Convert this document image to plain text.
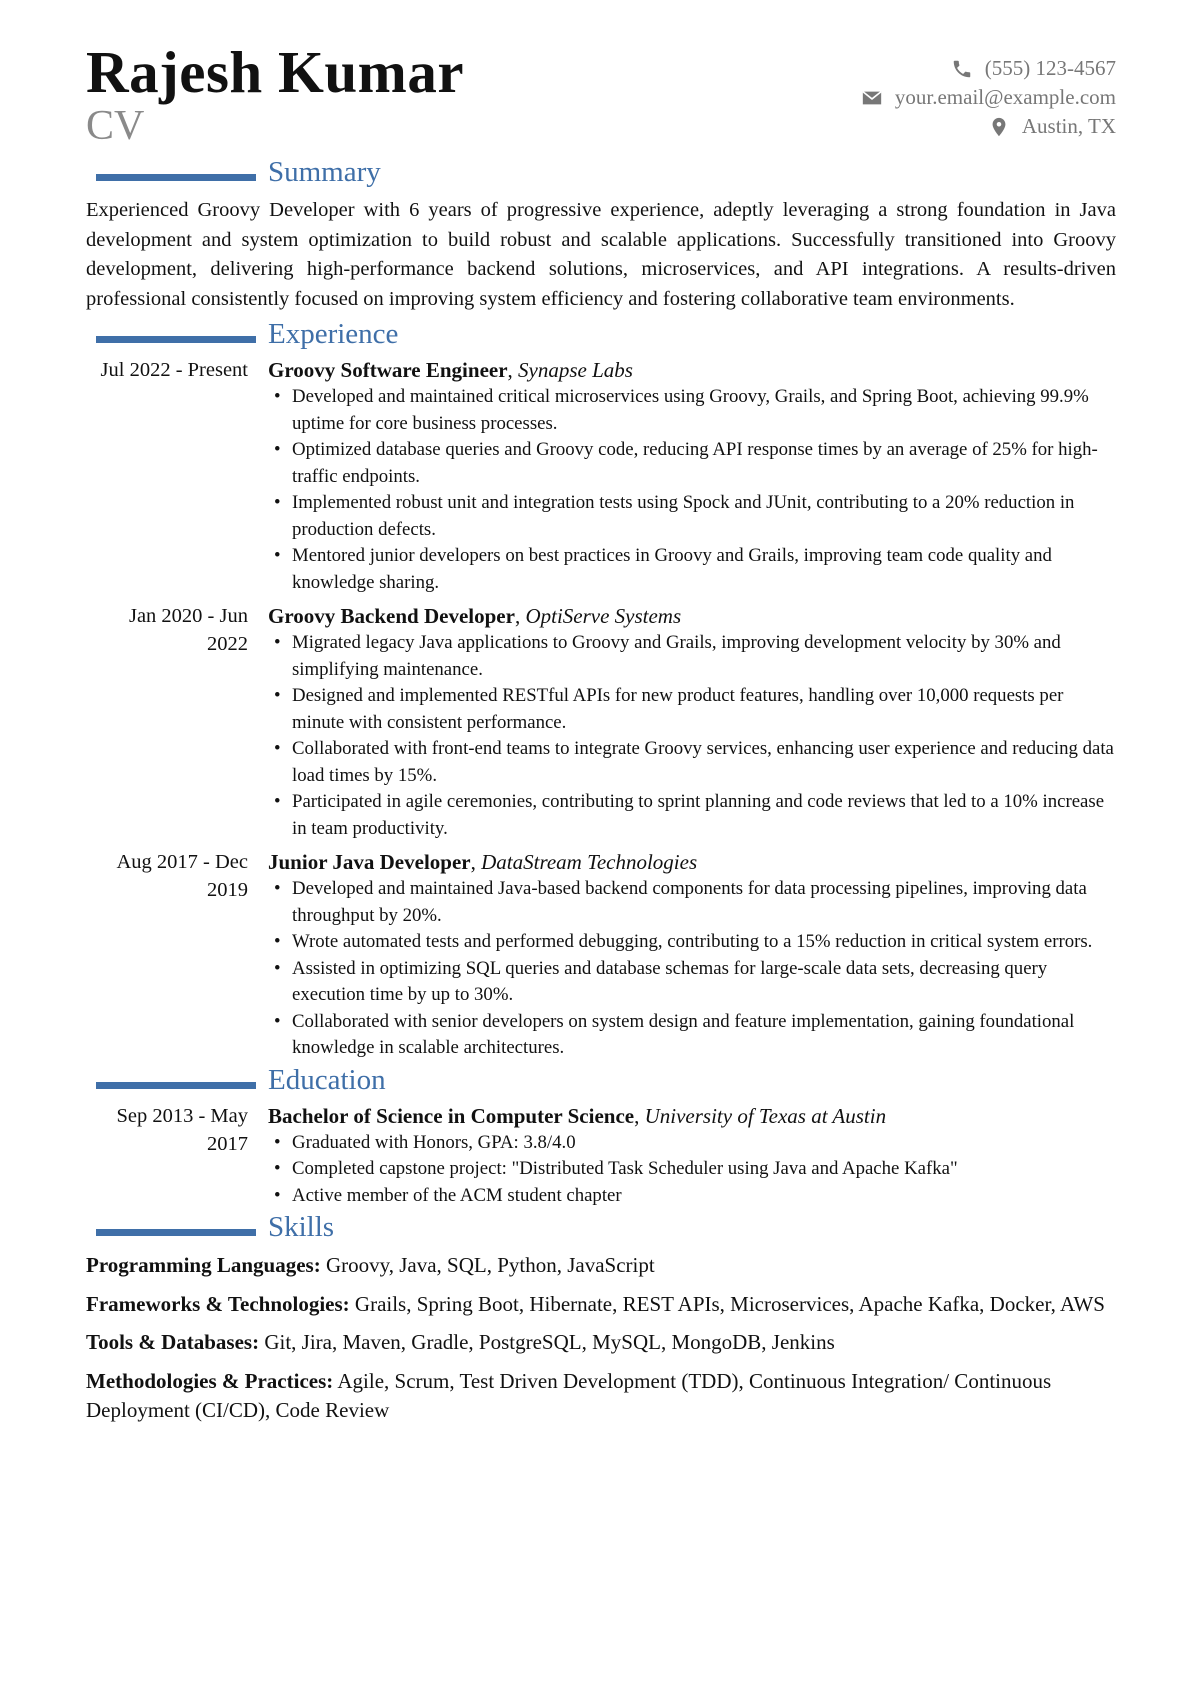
Rajesh Kumar
CV
(555) 123-4567
your.email@example.com
Austin, TX
Summary

Experienced Groovy Developer with 6 years of progressive experience, adeptly leveraging a strong foundation in Java development and system optimization to build robust and scalable applications. Successfully transitioned into Groovy development, delivering high-performance backend solutions, microservices, and API integrations. A results-driven professional consistently focused on improving system efficiency and fostering collaborative team environments.

Experience
Jul 2022 - Present Groovy Software Engineer, Synapse Labs
• Developed and maintained critical microservices using Groovy, Grails, and Spring Boot, achieving 99.9% uptime for core business processes.
• Optimized database queries and Groovy code, reducing API response times by an average of 25% for high-traffic endpoints.
• Implemented robust unit and integration tests using Spock and JUnit, contributing to a 20% reduction in production defects.
• Mentored junior developers on best practices in Groovy and Grails, improving team code quality and knowledge sharing.
Jan 2020 - Jun 2022
Groovy Backend Developer, OptiServe Systems
• Migrated legacy Java applications to Groovy and Grails, improving development velocity by 30% and simplifying maintenance.
• Designed and implemented RESTful APIs for new product features, handling over 10,000 requests per minute with consistent performance.
• Collaborated with front-end teams to integrate Groovy services, enhancing user experience and reducing data load times by 15%.
• Participated in agile ceremonies, contributing to sprint planning and code reviews that led to a 10% increase in team productivity.
Aug 2017 - Dec 2019
Junior Java Developer, DataStream Technologies
• Developed and maintained Java-based backend components for data processing pipelines, improving data throughput by 20%.
• Wrote automated tests and performed debugging, contributing to a 15% reduction in critical system errors.
• Assisted in optimizing SQL queries and database schemas for large-scale data sets, decreasing query execution time by up to 30%.
• Collaborated with senior developers on system design and feature implementation, gaining foundational knowledge in scalable architectures.
Education
Sep 2013 - May 2017
Bachelor of Science in Computer Science, University of Texas at Austin
• Graduated with Honors, GPA: 3.8/4.0
• Completed capstone project: "Distributed Task Scheduler using Java and Apache Kafka"
• Active member of the ACM student chapter
Skills
Programming Languages: Groovy, Java, SQL, Python, JavaScript
Frameworks & Technologies: Grails, Spring Boot, Hibernate, REST APIs, Microservices, Apache Kafka, Docker, AWS
Tools & Databases: Git, Jira, Maven, Gradle, PostgreSQL, MySQL, MongoDB, Jenkins
Methodologies & Practices: Agile, Scrum, Test Driven Development (TDD), Continuous Integration/ Continuous Deployment (CI/CD), Code Review
